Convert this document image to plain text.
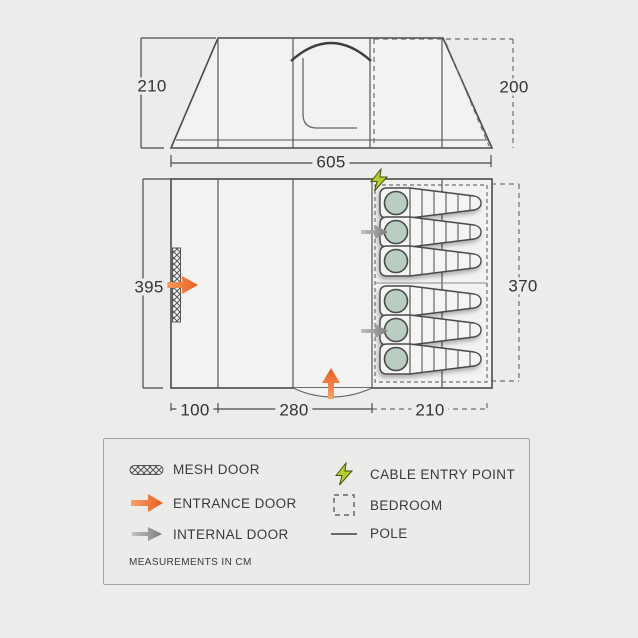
210	200
605
395	370
100	280	210
MESH DOOR
ENTRANCE DOOR
INTERNAL DOOR
CABLE ENTRY POINT
BEDROOM
POLE
MEASUREMENTS IN CM
